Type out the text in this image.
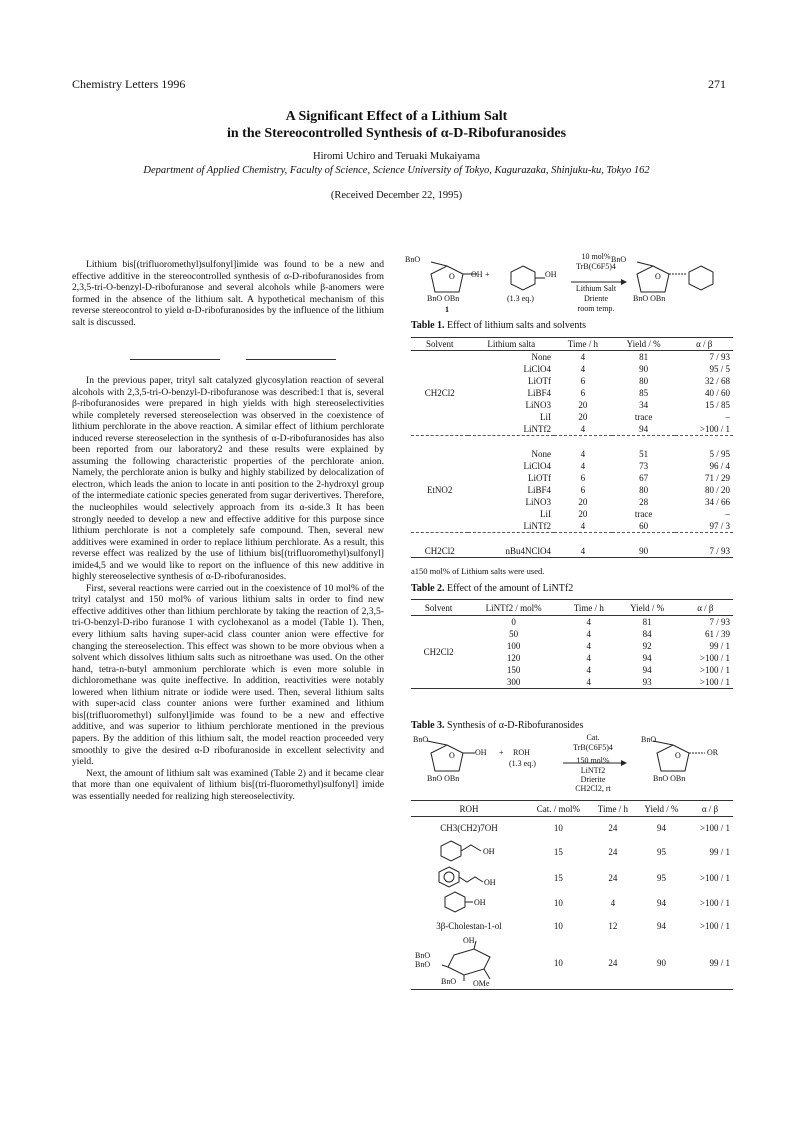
Chemistry Letters 1996	271
A Significant Effect of a Lithium Salt
in the Stereocontrolled Synthesis of α-D-Ribofuranosides
Hiromi Uchiro and Teruaki Mukaiyama
Department of Applied Chemistry, Faculty of Science, Science University of Tokyo, Kagurazaka, Shinjuku-ku, Tokyo 162
(Received December 22, 1995)

Lithium bis[(trifluoromethyl)sulfonyl]imide was found to be a new and effective additive in the stereocontrolled synthesis of α-D-ribofuranosides from 2,3,5-tri-O-benzyl-D-ribofuranose and several alcohols while β-anomers were formed in the absence of the lithium salt. A hypothetical mechanism of this reverse stereocontrol to yield α-D-ribofuranosides by the influence of the lithium salt is discussed.

In the previous paper, trityl salt catalyzed glycosylation reaction of several alcohols with 2,3,5-tri-O-benzyl-D-ribofuranose was described:1 that is, several β-ribofuranosides were prepared in high yields with high stereoselectivities while completely reversed stereoselection was observed in the coexistence of lithium perchlorate in the above reaction. A similar effect of lithium perchlorate induced reverse stereoselection in the synthesis of α-D-ribofuranosides has also been reported from our laboratory2 and these results were explained by assuming the following characteristic properties of the perchlorate anion. Namely, the perchlorate anion is bulky and highly stabilized by delocalization of electron, which leads the anion to locate in anti position to the 2-hydroxyl group of the intermediate cationic species generated from sugar derivertives. Therefore, the nucleophiles would selectively approach from its α-side.3 It has been strongly needed to develop a new and effective additive for this purpose since lithium perchlorate is not a completely safe compound. Then, several new additives were examined in order to replace lithium perchlorate. As a result, this reverse effect was realized by the use of lithium bis[(trifluoromethyl)sulfonyl] imide4,5 and we would like to report on the influence of this new additive in highly stereoselective synthesis of α-D-ribofuranosides.

First, several reactions were carried out in the coexistence of 10 mol% of the trityl catalyst and 150 mol% of various lithium salts in order to find new effective additives other than lithium perchlorate by taking the reaction of 2,3,5-tri-O-benzyl-D-ribo furanose 1 with cyclohexanol as a model (Table 1). Then, every lithium salts having super-acid class counter anion were effective for changing the stereoselection. This effect was shown to be more obvious when a solvent which dissolves lithium salts such as nitroethane was used. On the other hand, tetra-n-butyl ammonium perchlorate which is even more soluble in dichloromethane was quite ineffective. In addition, reactivities were notably lowered when lithium nitrate or iodide were used. Then, several lithium salts with super-acid class counter anions were further examined and lithium bis[(trifluoromethyl) sulfonyl]imide was found to be a new and effective additive, and was superior to lithium perchlorate mentioned in the previous papers. By the addition of this lithium salt, the model reaction proceeded very smoothly to give the desired α-D ribofuranoside in excellent selectivity and yield.

Next, the amount of lithium salt was examined (Table 2) and it became clear that more than one equivalent of lithium bis[(tri-fluoromethyl)sulfonyl] imide was essentially needed for realizing high stereoselectivity.

O	O
BnO
OH +	OH
BnO OBn
1
(1.3 eq.)
10 mol%
TrB(C6F5)4
Lithium Salt
Driente
room temp.
BnO
BnO OBn
Table 1. Effect of lithium salts and solvents
Solvent	Lithium salta	Time / h	Yield / %	α / β
CH2Cl2	None	4	81	7 / 93
	LiClO4	4	90	95 / 5
	LiOTf	6	80	32 / 68
	LiBF4	6	85	40 / 60
	LiNO3	20	34	15 / 85
	LiI	20	trace	–
	LiNTf2	4	94	>100 / 1

EtNO2	None	4	51	5 / 95
	LiClO4	4	73	96 / 4
	LiOTf	6	67	71 / 29
	LiBF4	6	80	80 / 20
	LiNO3	20	28	34 / 66
	LiI	20	trace	–
	LiNTf2	4	60	97 / 3

CH2Cl2	nBu4NClO4	4	90	7 / 93
a150 mol% of Lithium salts were used.
Table 2. Effect of the amount of LiNTf2
Solvent	LiNTf2 / mol%	Time / h	Yield / %	α / β
CH2Cl2	0	4	81	7 / 93
	50	4	84	61 / 39
	100	4	92	99 / 1
	120	4	94	>100 / 1
	150	4	94	>100 / 1
	300	4	93	>100 / 1
Table 3. Synthesis of α-D-Ribofuranosides
O	O
BnO
OH + ROH
(1.3 eq.)
BnO OBn
Cat.
TrB(C6F5)4
150 mol%
LiNTf2
Drierite
CH2Cl2, rt
BnO
OR
BnO OBn
ROH	Cat. / mol%	Time / h	Yield / %	α / β
CH3(CH2)7OH	10	24	94	>100 / 1

OH	15	24	95	99 / 1

OH	15	24	95	>100 / 1

OH	10	4	94	>100 / 1
3β-Cholestan-1-ol	10	12	94	>100 / 1

OH
BnO
BnO
BnO OMe	10	24	90	99 / 1
